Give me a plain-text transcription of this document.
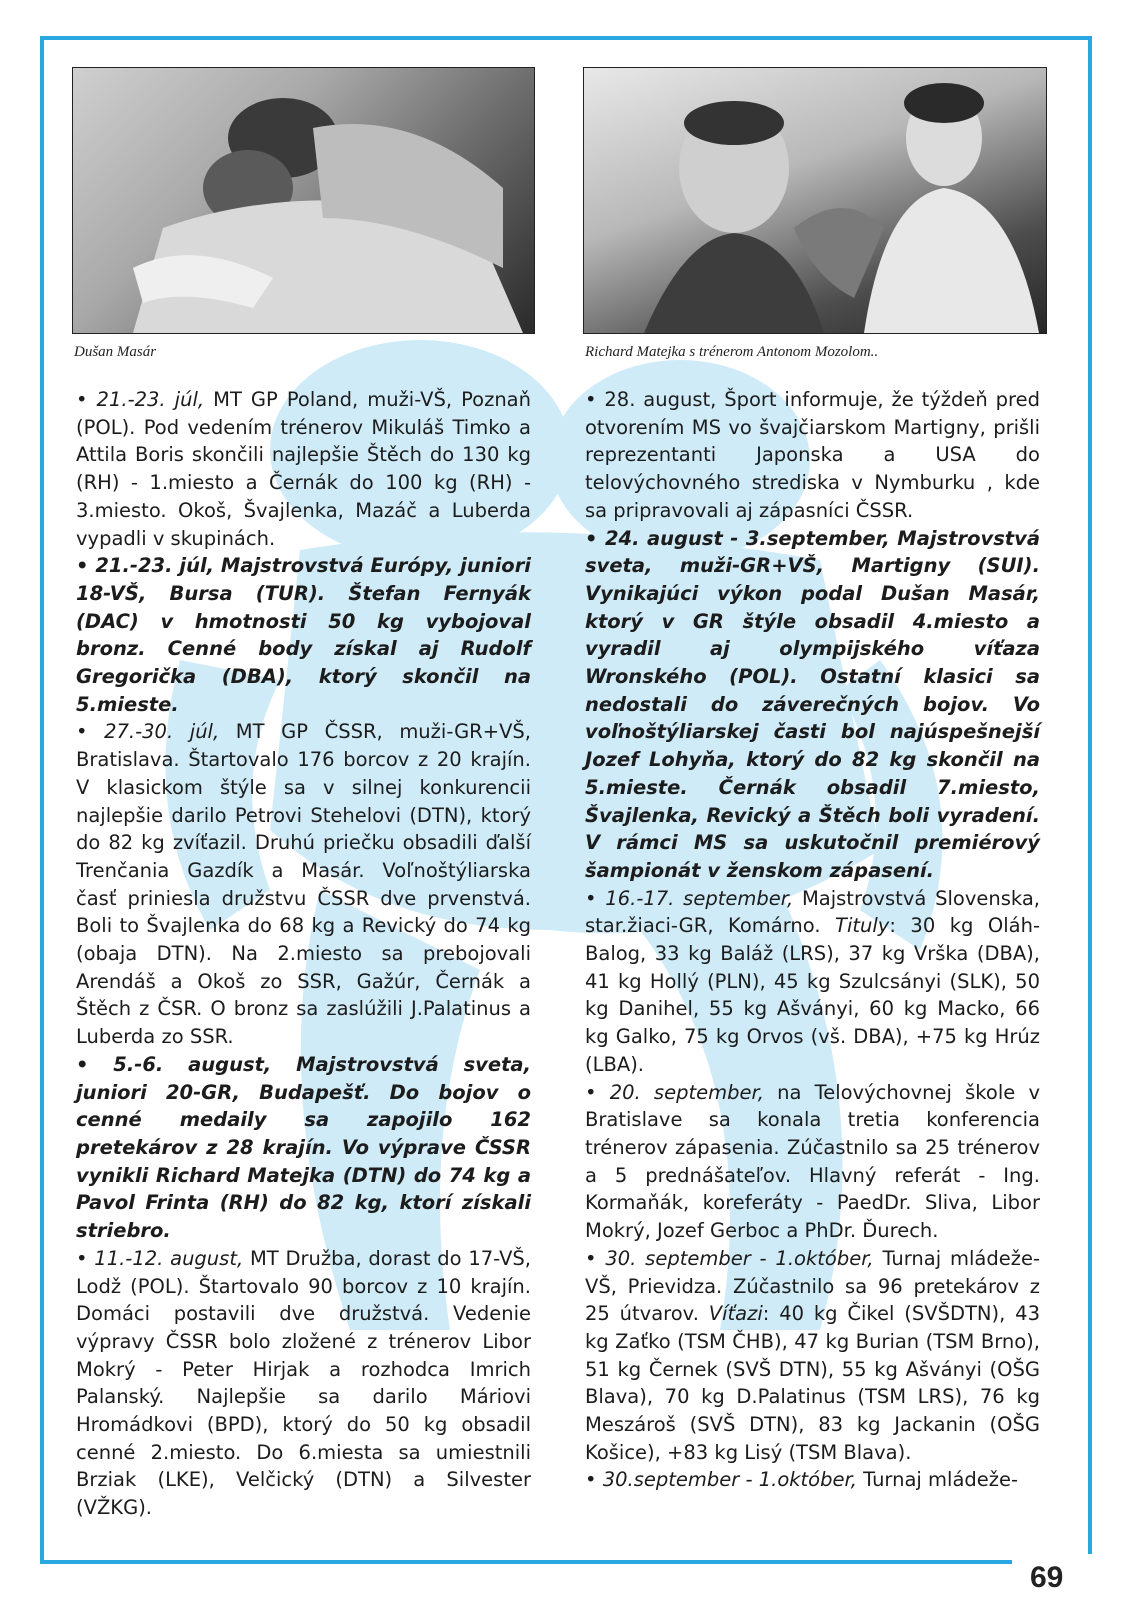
69
Dušan Masár	Richard Matejka s trénerom Antonom Mozolom..

• 21.-23. júl, MT GP Poland, muži-VŠ, Poznaň (POL). Pod vedením trénerov Mikuláš Timko a Attila Boris skončili najlepšie Štěch do 130 kg (RH) - 1.miesto a Černák do 100 kg (RH) - 3.miesto. Okoš, Švajlenka, Mazáč a Luberda vypadli v skupinách.

• 21.-23. júl, Majstrovstvá Európy, juniori 18-VŠ, Bursa (TUR). Štefan Fernyák (DAC) v hmotnosti 50 kg vybojoval bronz. Cenné body získal aj Rudolf Gregorička (DBA), ktorý skončil na 5.mieste.

• 27.-30. júl, MT GP ČSSR, muži-GR+VŠ, Bratislava. Štartovalo 176 borcov z 20 krajín. V klasickom štýle sa v silnej konkurencii najlepšie darilo Petrovi Stehelovi (DTN), ktorý do 82 kg zvíťazil. Druhú priečku obsadili ďalší Trenčania Gazdík a Masár. Voľnoštýliarska časť priniesla družstvu ČSSR dve prvenstvá. Boli to Švajlenka do 68 kg a Revický do 74 kg (obaja DTN). Na 2.miesto sa prebojovali Arendáš a Okoš zo SSR, Gažúr, Černák a Štěch z ČSR. O bronz sa zaslúžili J.Palatinus a Luberda zo SSR.

• 5.-6. august, Majstrovstvá sveta, juniori 20-GR, Budapešť. Do bojov o cenné medaily sa zapojilo 162 pretekárov z 28 krajín. Vo výprave ČSSR vynikli Richard Matejka (DTN) do 74 kg a Pavol Frinta (RH) do 82 kg, ktorí získali striebro.

• 11.-12. august, MT Družba, dorast do 17-VŠ, Lodž (POL). Štartovalo 90 borcov z 10 krajín. Domáci postavili dve družstvá. Vedenie výpravy ČSSR bolo zložené z trénerov Libor Mokrý - Peter Hirjak a rozhodca Imrich Palanský. Najlepšie sa darilo Máriovi Hromádkovi (BPD), ktorý do 50 kg obsadil cenné 2.miesto. Do 6.miesta sa umiestnili Brziak (LKE), Velčický (DTN) a Silvester (VŽKG).

• 28. august, Šport informuje, že týždeň pred otvorením MS vo švajčiarskom Martigny, prišli reprezentanti Japonska a USA do telovýchovného strediska v Nymburku , kde sa pripravovali aj zápasníci ČSSR.

• 24. august - 3.september, Majstrovstvá sveta, muži-GR+VŠ, Martigny (SUI). Vynikajúci výkon podal Dušan Masár, ktorý v GR štýle obsadil 4.miesto a vyradil aj olympijského víťaza Wronského (POL). Ostatní klasici sa nedostali do záverečných bojov. Vo voľnoštýliarskej časti bol najúspešnejší Jozef Lohyňa, ktorý do 82 kg skončil na 5.mieste. Černák obsadil 7.miesto, Švajlenka, Revický a Štěch boli vyradení. V rámci MS sa uskutočnil premiérový šampionát v ženskom zápasení.

• 16.-17. september, Majstrovstvá Slovenska, star.žiaci-GR, Komárno. Tituly: 30 kg Oláh-Balog, 33 kg Baláž (LRS), 37 kg Vrška (DBA), 41 kg Hollý (PLN), 45 kg Szulcsányi (SLK), 50 kg Danihel, 55 kg Ašványi, 60 kg Macko, 66 kg Galko, 75 kg Orvos (vš. DBA), +75 kg Hrúz (LBA).

• 20. september, na Telovýchovnej škole v Bratislave sa konala tretia konferencia trénerov zápasenia. Zúčastnilo sa 25 trénerov a 5 prednášateľov. Hlavný referát - Ing. Kormaňák, koreferáty - PaedDr. Sliva, Libor Mokrý, Jozef Gerboc a PhDr. Ďurech.

• 30. september - 1.október, Turnaj mládeže-VŠ, Prievidza. Zúčastnilo sa 96 pretekárov z 25 útvarov. Víťazi: 40 kg Čikel (SVŠDTN), 43 kg Zaťko (TSM ČHB), 47 kg Burian (TSM Brno), 51 kg Černek (SVŠ DTN), 55 kg Ašványi (OŠG Blava), 70 kg D.Palatinus (TSM LRS), 76 kg Meszároš (SVŠ DTN), 83 kg Jackanin (OŠG Košice), +83 kg Lisý (TSM Blava).

• 30.september - 1.október, Turnaj mládeže-
